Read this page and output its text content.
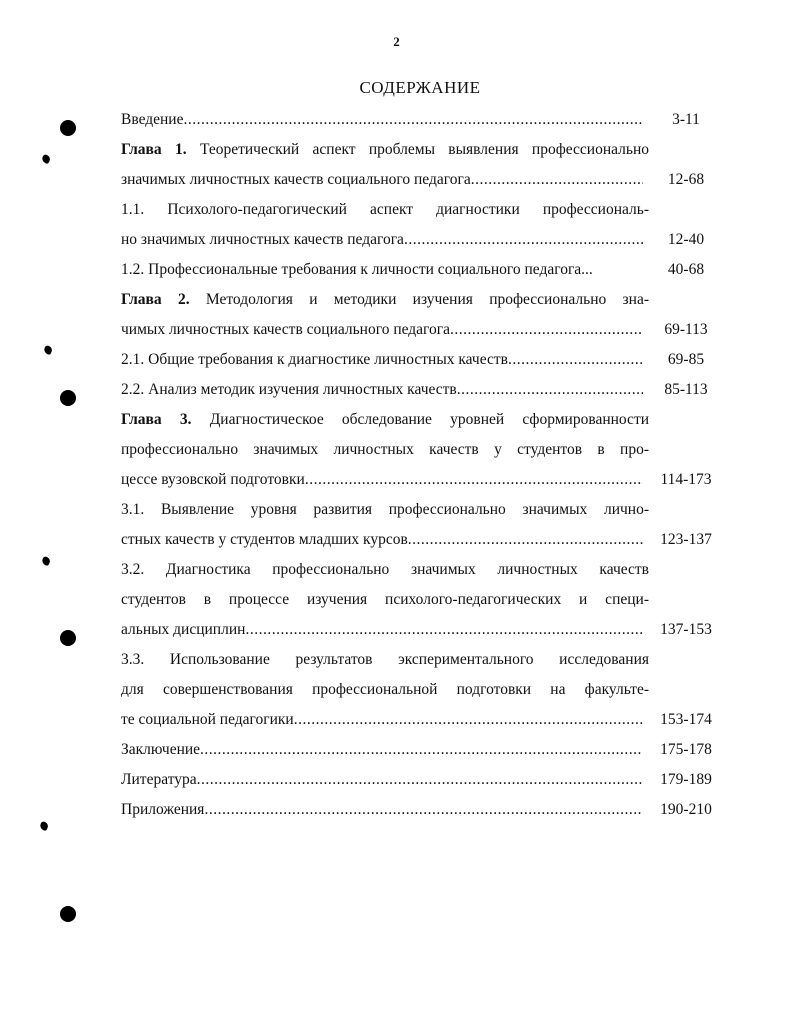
2
СОДЕРЖАНИЕ
Введение .....	3-11
Глава 1. Теоретический аспект проблемы выявления профессионально
значимых личностных качеств социального педагога .....	12-68
1.1. Психолого-педагогический аспект диагностики профессиональ-
но значимых личностных качеств педагога .....	12-40
1.2. Профессиональные требования к личности социального педагога...	40-68
Глава 2. Методология и методики изучения профессионально зна-
чимых личностных качеств социального педагога .....	69-113
2.1. Общие требования к диагностике личностных качеств .....	69-85
2.2. Анализ методик изучения личностных качеств .....	85-113
Глава 3. Диагностическое обследование уровней сформированности
профессионально значимых личностных качеств у студентов в про-
цессе вузовской подготовки .....	114-173
3.1. Выявление уровня развития профессионально значимых лично-
стных качеств у студентов младших курсов .....	123-137
3.2. Диагностика профессионально значимых личностных качеств
студентов в процессе изучения психолого-педагогических и специ-
альных дисциплин .....	137-153
3.3. Использование результатов экспериментального исследования
для совершенствования профессиональной подготовки на факульте-
те социальной педагогики .....	153-174
Заключение .....	175-178
Литература .....	179-189
Приложения .....	190-210
